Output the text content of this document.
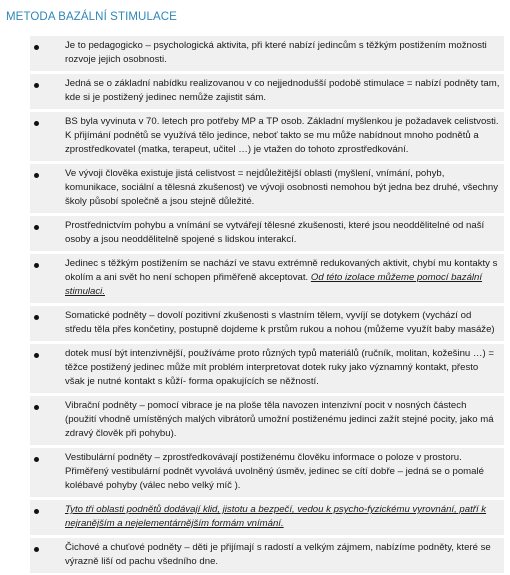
METODA BAZÁLNÍ STIMULACE
Je to pedagogicko – psychologická aktivita, při které nabízí jedincům s těžkým postižením možnosti rozvoje jejich osobnosti.
Jedná se o základní nabídku realizovanou v co nejjednodušší podobě stimulace = nabízí podněty tam, kde si je postižený jedinec nemůže zajistit sám.
BS byla vyvinuta v 70. letech pro potřeby MP a TP osob. Základní myšlenkou je požadavek celistvosti. K přijímání podnětů se využívá tělo jedince, neboť takto se mu může nabídnout mnoho podnětů a zprostředkovatel (matka, terapeut, učitel …) je vtažen do tohoto zprostředkování.
Ve vývoji člověka existuje jistá celistvost = nejdůležitější oblasti (myšlení, vnímání, pohyb, komunikace, sociální a tělesná zkušenost) ve vývoji osobnosti nemohou být jedna bez druhé, všechny školy působí společně a jsou stejně důležité.
Prostřednictvím pohybu a vnímání se vytvářejí tělesné zkušenosti, které jsou neoddělitelné od naší osoby a jsou neoddělitelně spojené s lidskou interakcí.
Jedinec s těžkým postižením se nachází ve stavu extrémně redukovaných aktivit, chybí mu kontakty s okolím a ani svět ho není schopen přiměřeně akceptovat. Od této izolace můžeme pomocí bazální stimulaci.
Somatické podněty – dovolí pozitivní zkušenosti s vlastním tělem, vyvíjí se dotykem (vychází od středu těla přes končetiny, postupně dojdeme k prstům rukou a nohou (můžeme využít baby masáže)
dotek musí být intenzivnější, používáme proto různých typů materiálů (ručník, molitan, kožešinu …) = těžce postižený jedinec může mít problém interpretovat dotek ruky jako významný kontakt, přesto však je nutné kontakt s kůží- forma opakujících se něžností.
Vibrační podněty – pomocí vibrace je na ploše těla navozen intenzivní pocit v nosných částech (použití vhodně umístěných malých vibrátorů umožní postiženému jedinci zažít stejné pocity, jako má zdravý člověk při pohybu).
Vestibulární podněty – zprostředkovávají postiženému člověku informace o poloze v prostoru. Přiměřený vestibulární podnět vyvolává uvolněný úsměv, jedinec se cítí dobře – jedná se o pomalé kolébavé pohyby (válec nebo velký míč ).
Tyto tři oblasti podnětů dodávají klid, jistotu a bezpečí, vedou k psycho-fyzickému vyrovnání, patří k nejranějším a nejelementárnějším formám vnímání.
Čichové a chuťové podněty – děti je přijímají s radostí a velkým zájmem, nabízíme podněty, které se výrazně liší od pachu všedního dne.
